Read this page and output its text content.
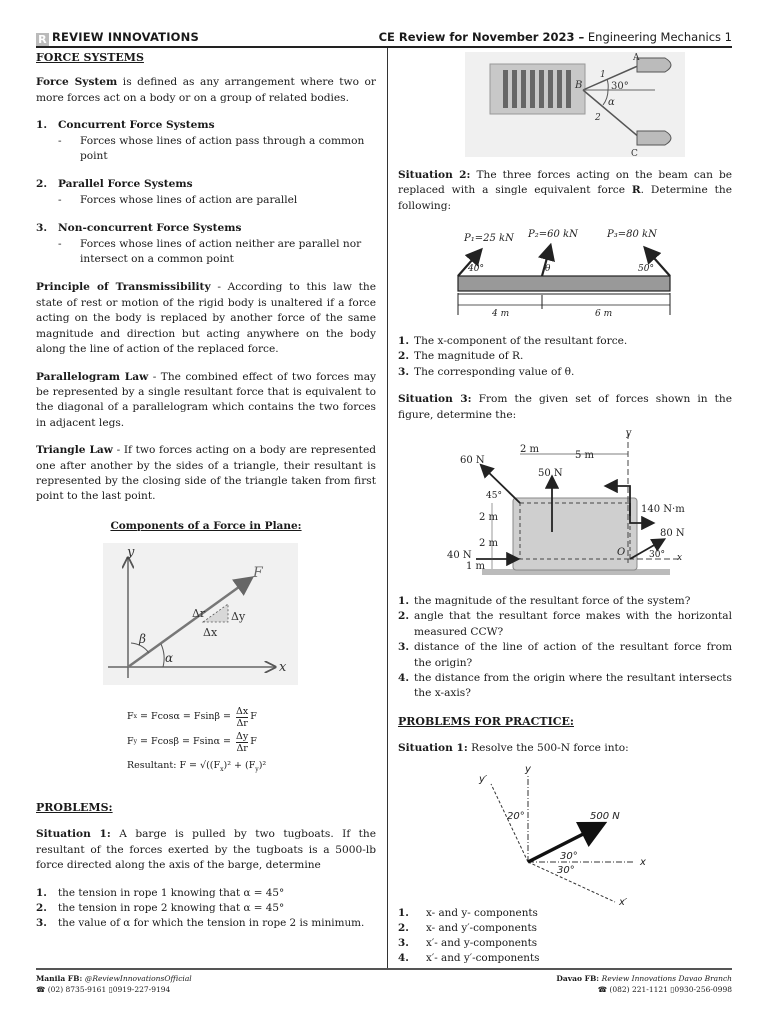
R REVIEW INNOVATIONS	CE Review for November 2023 – Engineering Mechanics 1
FORCE SYSTEMS

Force System is defined as any arrangement where two or more forces act on a body or on a group of related bodies.

1.	Concurrent Force Systems
-	Forces whose lines of action pass through a common point
2.	Parallel Force Systems
-	Forces whose lines of action are parallel
3.	Non-concurrent Force Systems
-	Forces whose lines of action neither are parallel nor intersect on a common point

Principle of Transmissibility - According to this law the state of rest or motion of the rigid body is unaltered if a force acting on the body is replaced by another force of the same magnitude and direction but acting anywhere on the body along the line of action of the replaced force.

Parallelogram Law - The combined effect of two forces may be represented by a single resultant force that is equivalent to the diagonal of a parallelogram which contains the two forces in adjacent legs.

Triangle Law - If two forces acting on a body are represented one after another by the sides of a triangle, their resultant is represented by the closing side of the triangle taken from first point to the last point.

Components of a Force in Plane:
y
x
F
Δr Δy
Δx
β
α
F $x = Fcos\alpha = Fsin\beta = \frac{\Delta x}{\Delta r}$ F
F $y = Fcos\beta = Fsin\alpha = \frac{\Delta y}{\Delta r}$ F
Resultant: $F = √((F_x)^2 + (F_y)^2$
PROBLEMS:

Situation 1: A barge is pulled by two tugboats. If the resultant of the forces exerted by the tugboats is a 5000-lb force directed along the axis of the barge, determine

1.	the tension in rope 1 knowing that α = 45°
2.	the tension in rope 2 knowing that α = 45°
3.	the value of α for which the tension in rope 2 is minimum.
A
B
C
1
2
30°
α

Situation 2: The three forces acting on the beam can be replaced with a single equivalent force R. Determine the following:

P₁=25 kN P₂=60 kN	P₃=80 kN
40°	θ	50°
4 m	6 m
1. The x-component of the resultant force.
2. The magnitude of R.
3. The corresponding value of θ.

Situation 3: From the given set of forces shown in the figure, determine the:

2 m
5 m
y
60 N
50 N
45°
2 m
2 m
40 N
1 m
140 N·m
80 N
O	30° x
1. the magnitude of the resultant force of the system?
2. angle that the resultant force makes with the horizontal measured CCW?
3. distance of the line of action of the resultant force from the origin?
4. the distance from the origin where the resultant intersects the x-axis?
PROBLEMS FOR PRACTICE:

Situation 1: Resolve the 500-N force into:

y
y′
x
x′
500 N
20°
30°
30°
1.	x- and y- components
2.	x- and y′-components
3.	x′- and y-components
4.	x′- and y′-components
Manila FB: @ReviewInnovationsOfficial
☎ (02) 8735-9161 ▯0919-227-9194
Davao FB: Review Innovations Davao Branch
☎ (082) 221-1121 ▯0930-256-0998
